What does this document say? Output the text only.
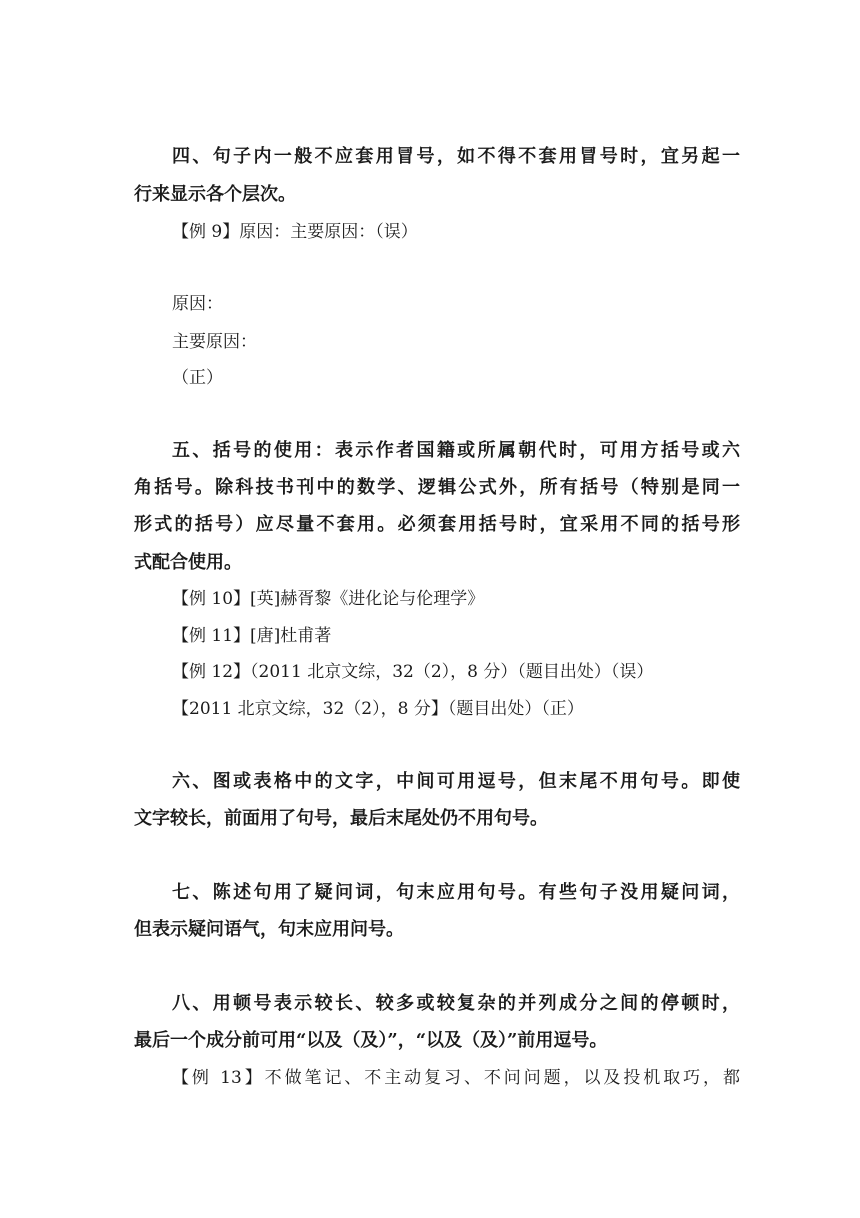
四、句子内一般不应套用冒号，如不得不套用冒号时，宜另起一
行来显示各个层次。
【例 9】原因：主要原因：（误）
原因：
主要原因：
（正）
五、括号的使用：表示作者国籍或所属朝代时，可用方括号或六
角括号。除科技书刊中的数学、逻辑公式外，所有括号（特别是同一
形式的括号）应尽量不套用。必须套用括号时，宜采用不同的括号形
式配合使用。
【例 10】[英]赫胥黎《进化论与伦理学》
【例 11】[唐]杜甫著
【例 12】（2011 北京文综，32（2），8 分）（题目出处）（误）
【2011 北京文综，32（2），8 分】（题目出处）（正）
六、图或表格中的文字，中间可用逗号，但末尾不用句号。即使
文字较长，前面用了句号，最后末尾处仍不用句号。
七、陈述句用了疑问词，句末应用句号。有些句子没用疑问词，
但表示疑问语气，句末应用问号。
八、用顿号表示较长、较多或较复杂的并列成分之间的停顿时，
最后一个成分前可用“以及（及）”，“以及（及）”前用逗号。
【例 13】不做笔记、不主动复习、不问问题，以及投机取巧，都
